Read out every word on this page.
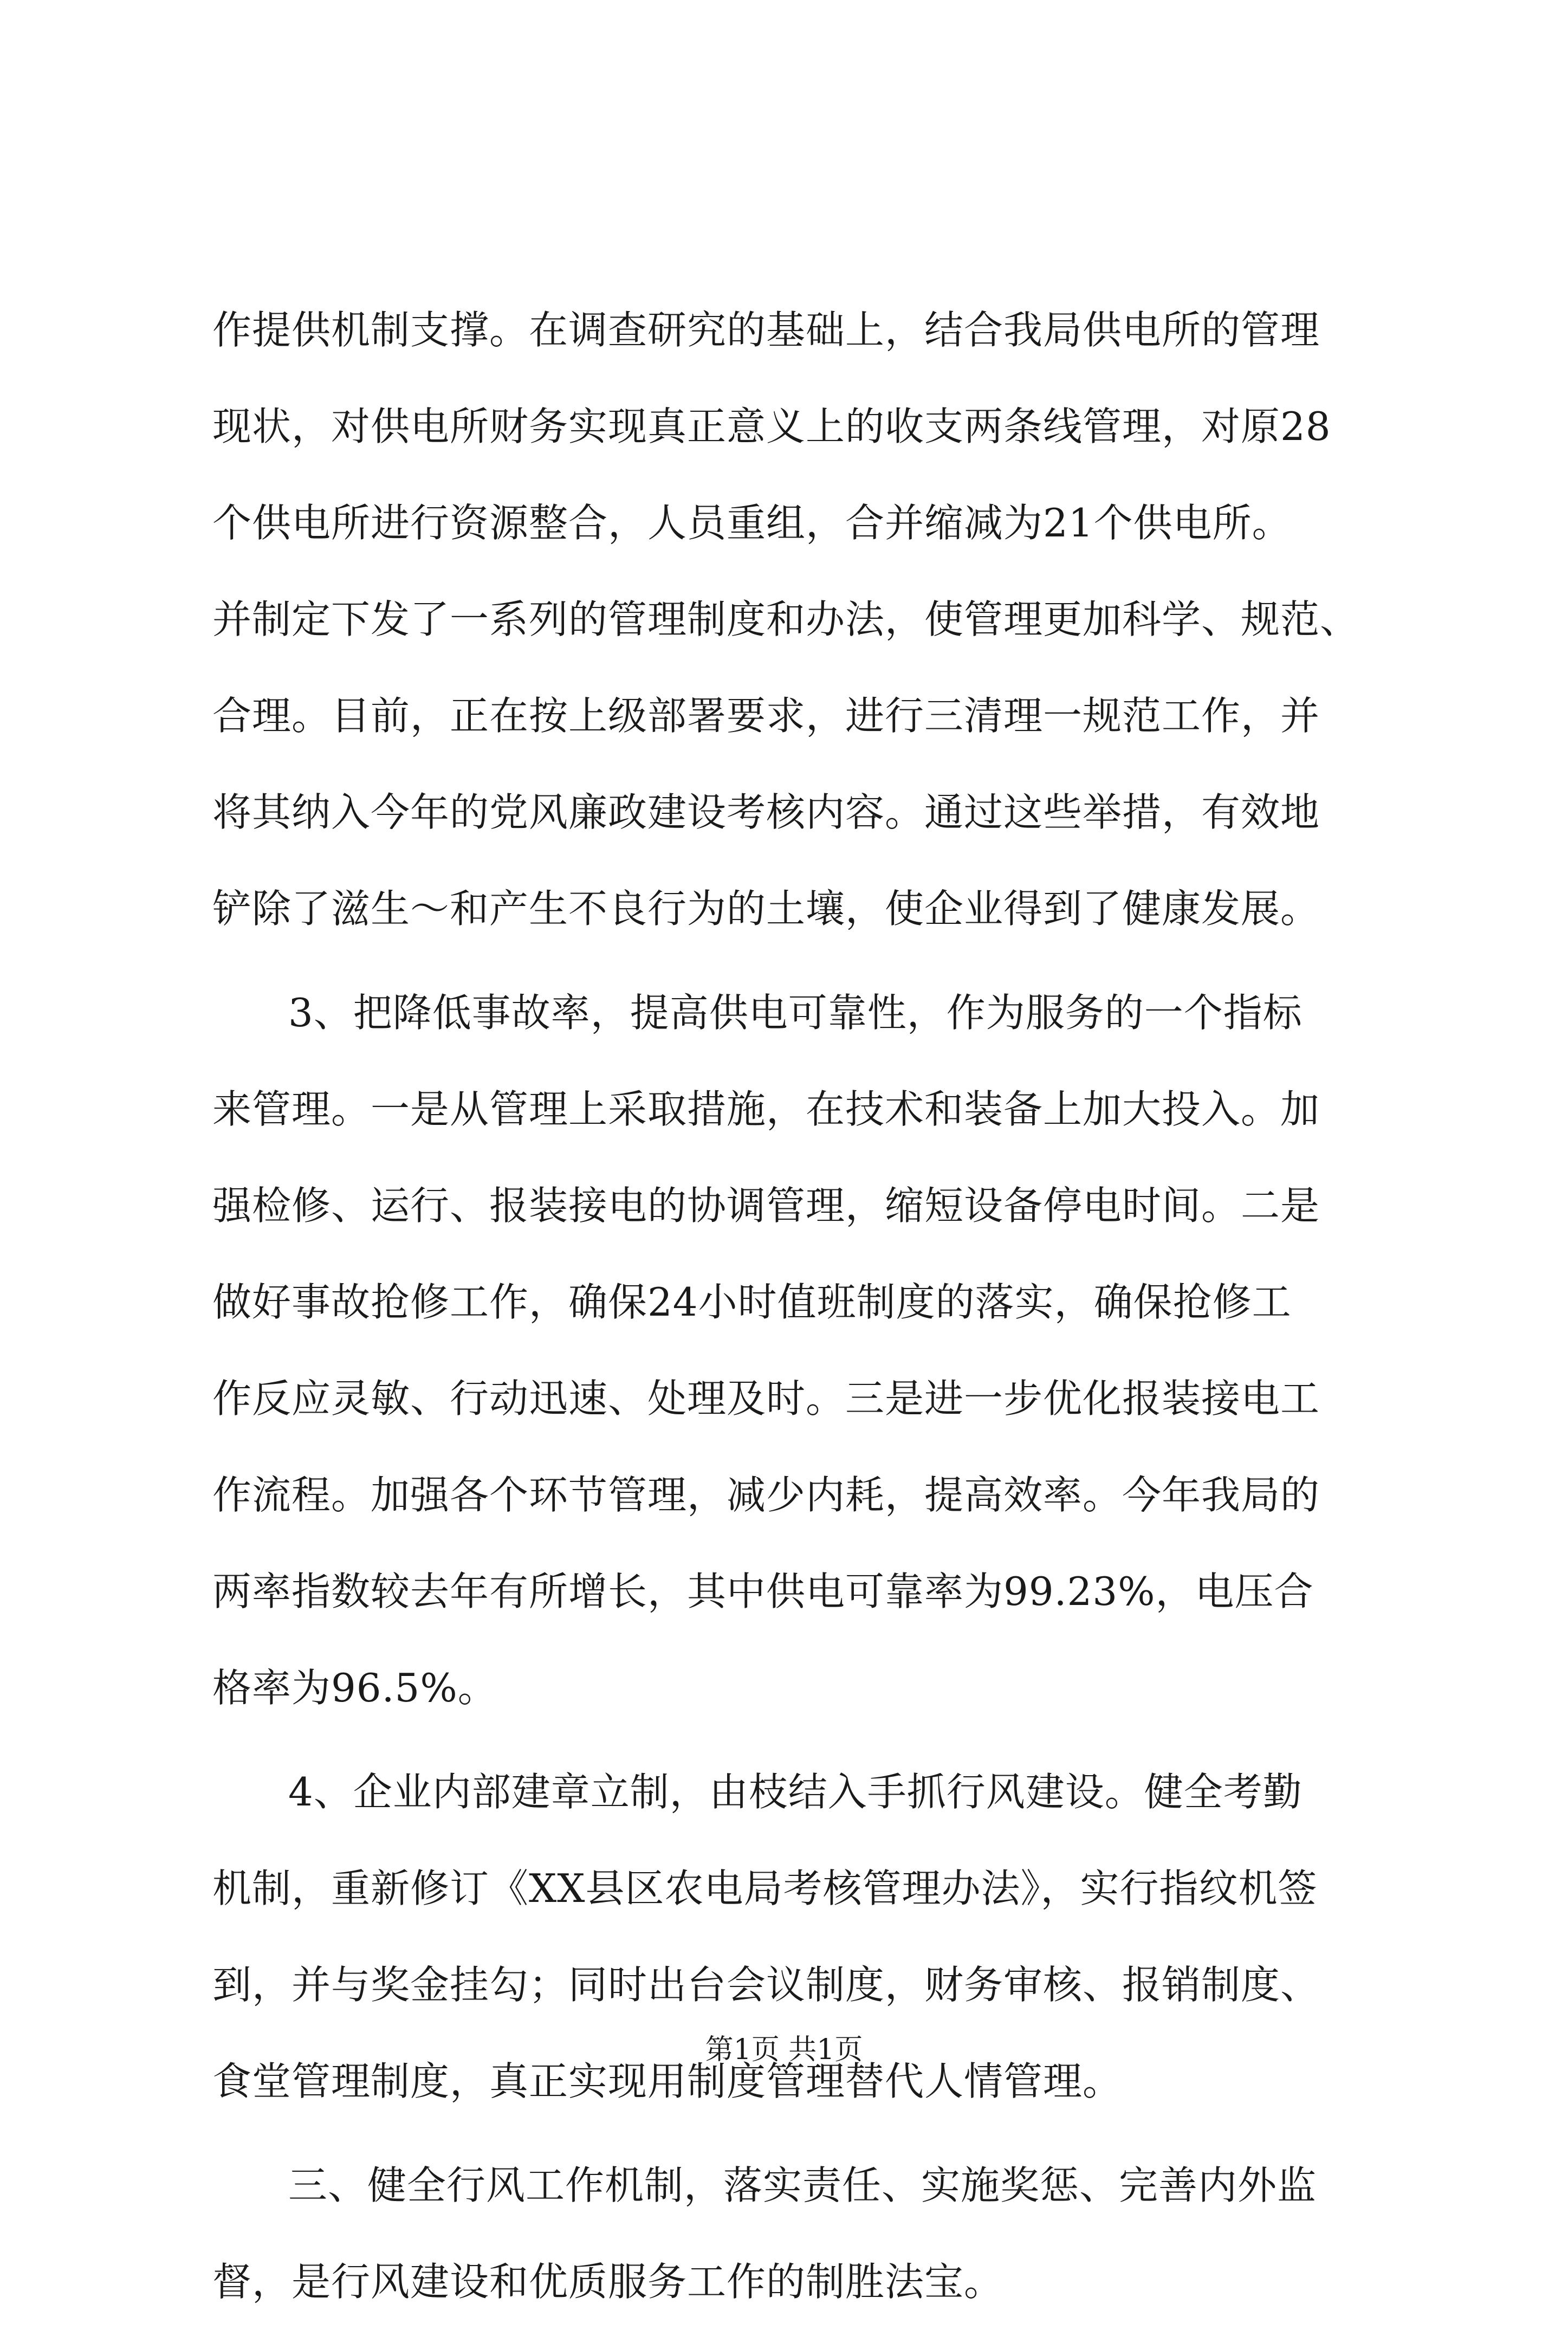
作提供机制支撑。在调查研究的基础上，结合我局供电所的管理
现状，对供电所财务实现真正意义上的收支两条线管理，对原28
个供电所进行资源整合，人员重组，合并缩减为21个供电所。
并制定下发了一系列的管理制度和办法，使管理更加科学、规范、
合理。目前，正在按上级部署要求，进行三清理一规范工作，并
将其纳入今年的党风廉政建设考核内容。通过这些举措，有效地
铲除了滋生～和产生不良行为的土壤，使企业得到了健康发展。
3、把降低事故率，提高供电可靠性，作为服务的一个指标
来管理。一是从管理上采取措施，在技术和装备上加大投入。加
强检修、运行、报装接电的协调管理，缩短设备停电时间。二是
做好事故抢修工作，确保24小时值班制度的落实，确保抢修工
作反应灵敏、行动迅速、处理及时。三是进一步优化报装接电工
作流程。加强各个环节管理，减少内耗，提高效率。今年我局的
两率指数较去年有所增长，其中供电可靠率为99.23%，电压合
格率为96.5%。
4、企业内部建章立制，由枝结入手抓行风建设。健全考勤
机制，重新修订《XX县区农电局考核管理办法》，实行指纹机签
到，并与奖金挂勾；同时出台会议制度，财务审核、报销制度、
食堂管理制度，真正实现用制度管理替代人情管理。
三、健全行风工作机制，落实责任、实施奖惩、完善内外监
督，是行风建设和优质服务工作的制胜法宝。
第1页 共1页
